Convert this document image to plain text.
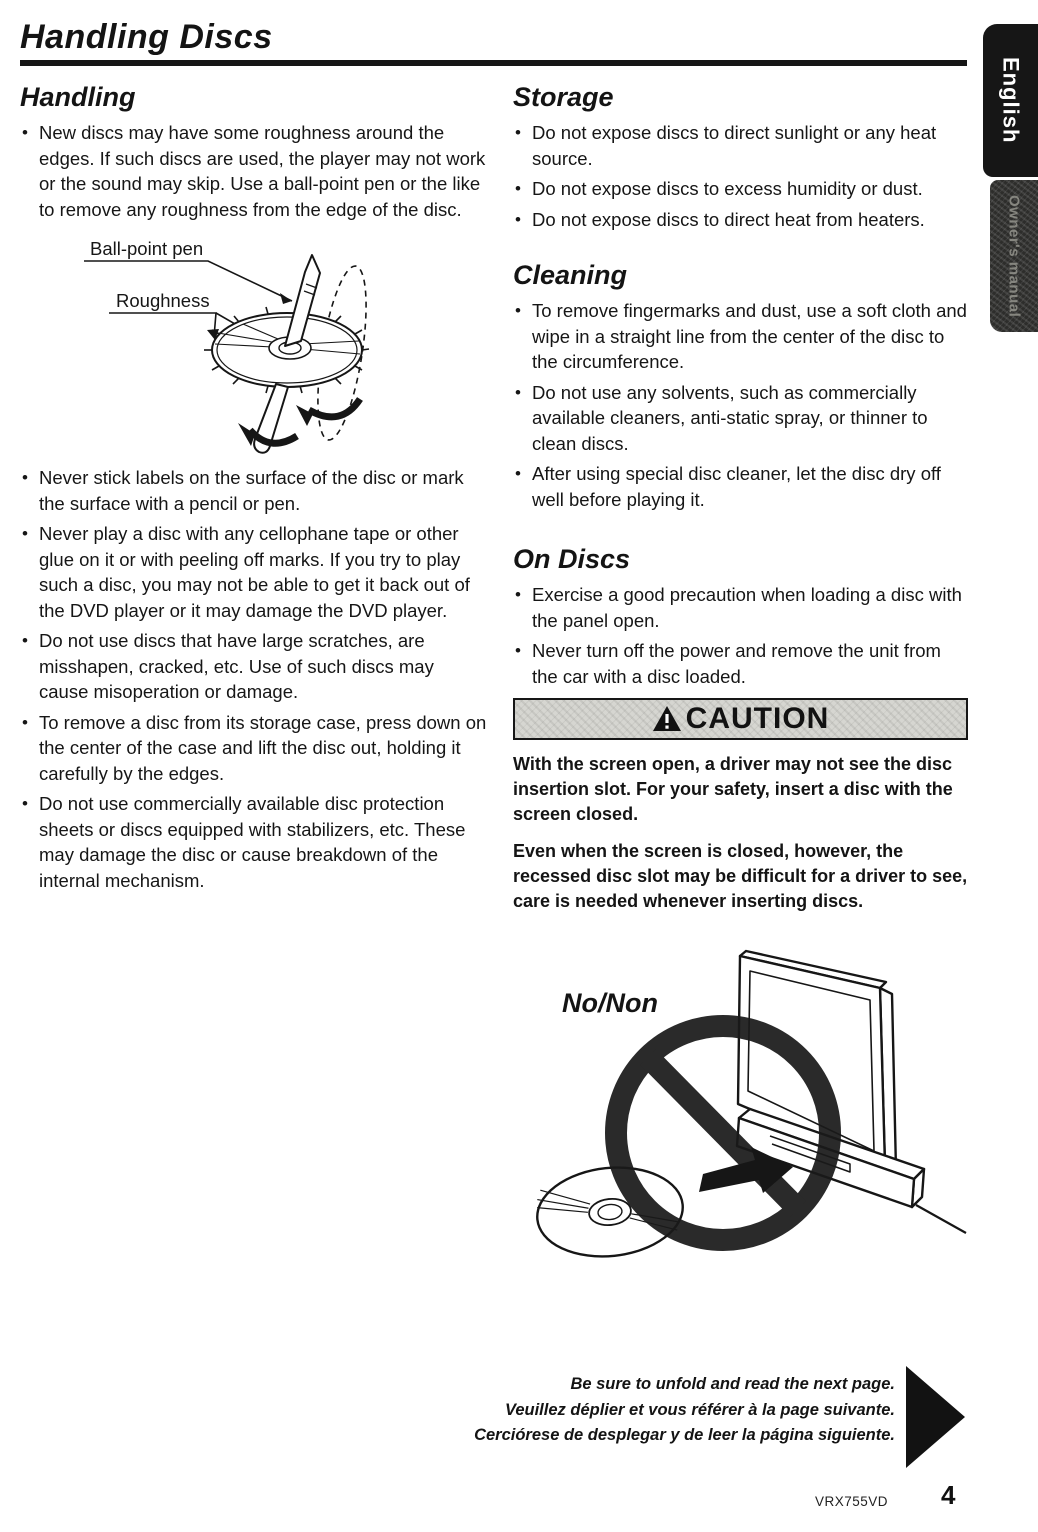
Handling Discs
English
Owner's manual
Handling
• New discs may have some roughness around the edges. If such discs are used, the player may not work or the sound may skip. Use a ball-point pen or the like to remove any roughness from the edge of the disc.
Ball-point pen
Roughness
• Never stick labels on the surface of the disc or mark the surface with a pencil or pen.
• Never play a disc with any cellophane tape or other glue on it or with peeling off marks. If you try to play such a disc, you may not be able to get it back out of the DVD player or it may damage the DVD player.
• Do not use discs that have large scratches, are misshapen, cracked, etc. Use of such discs may cause misoperation or damage.
• To remove a disc from its storage case, press down on the center of the case and lift the disc out, holding it carefully by the edges.
• Do not use commercially available disc protection sheets or discs equipped with stabilizers, etc. These may damage the disc or cause breakdown of the internal mechanism.
Storage
• Do not expose discs to direct sunlight or any heat source.
• Do not expose discs to excess humidity or dust.
• Do not expose discs to direct heat from heaters.
Cleaning
• To remove fingermarks and dust, use a soft cloth and wipe in a straight line from the center of the disc to the circumference.
• Do not use any solvents, such as commercially available cleaners, anti-static spray, or thinner to clean discs.
• After using special disc cleaner, let the disc dry off well before playing it.
On Discs
• Exercise a good precaution when loading a disc with the panel open.
• Never turn off the power and remove the unit from the car with a disc loaded.
CAUTION

With the screen open, a driver may not see the disc insertion slot. For your safety, insert a disc with the screen closed.

Even when the screen is closed, however, the recessed disc slot may be difficult for a driver to see, care is needed whenever inserting discs.

No/Non
Be sure to unfold and read the next page.
Veuillez déplier et vous référer à la page suivante.
Cerciórese de desplegar y de leer la página siguiente.
VRX755VD 4
